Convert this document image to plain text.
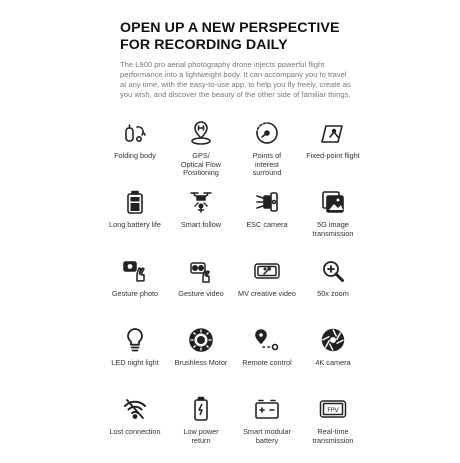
OPEN UP A NEW PERSPECTIVE
FOR RECORDING DAILY

The L900 pro aerial photography drone injects powerful flight performance into a lightweight body. It can accompany you to travel at any time, with the easy-to-use app, to help you fly freely, create as you wish, and discover the beauty of the other side of familiar things.

Folding body	GPS/
Optical Flow
Positioning
Points of
interest
surround
Fixed-point flight
Long battery life	Smart follow	ESC camera	5G image
transmission
Gesture photo	Gesture video	MV creative video	50x zoom
LED night light	Brushless Motor	Remote control	4K camera
Lost connection	Low power
return
Smart modular
battery
FPV
Real-time
transmission
